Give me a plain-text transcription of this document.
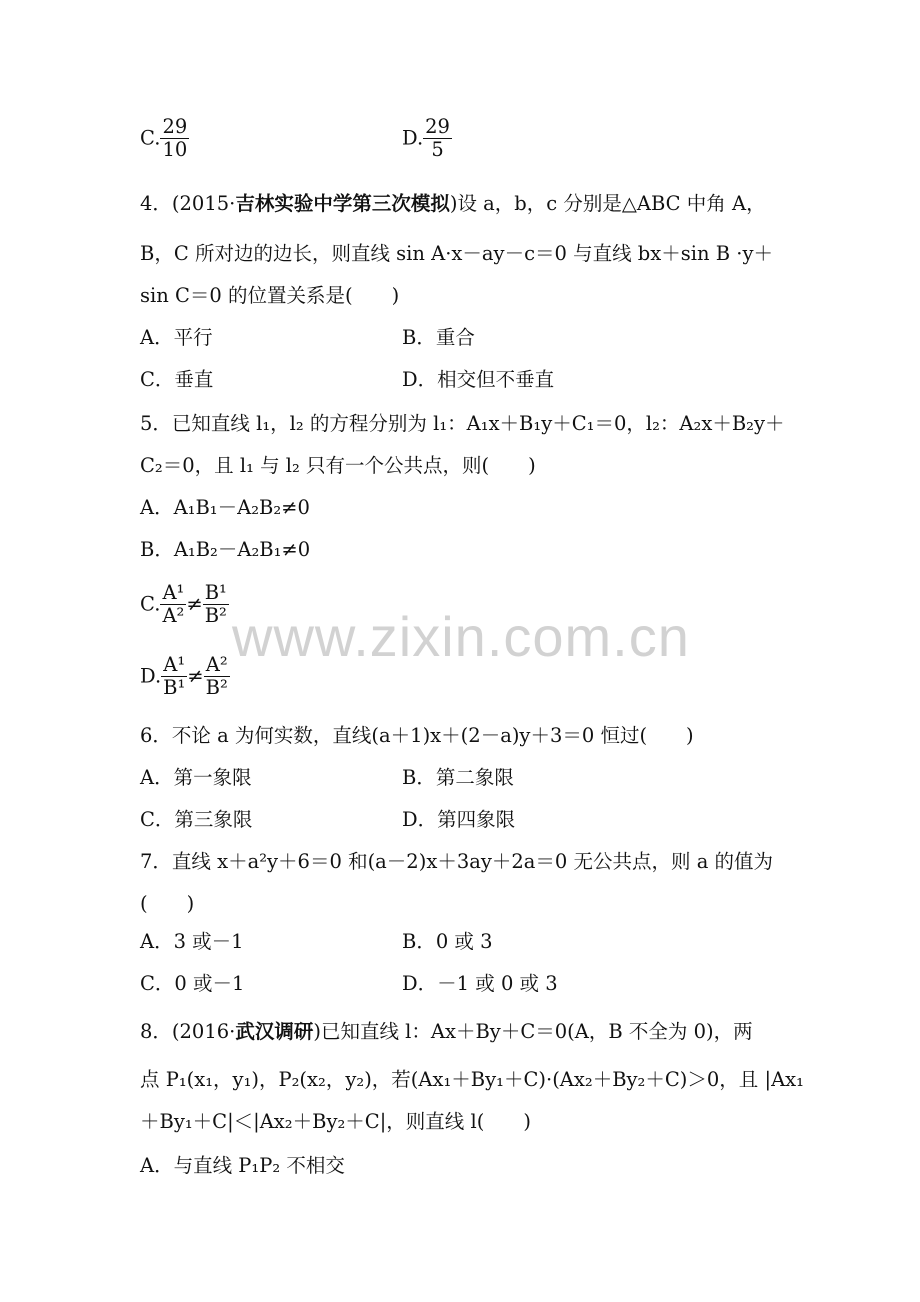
www.zixin.com.cn
C. $\frac{29}{10}$	D. $\frac{29}{5}$
4．(2015·吉林实验中学第三次模拟)设 a，b，c 分别是△ABC 中角 A，
B，C 所对边的边长，则直线 sin A·x－ay－c＝0 与直线 bx＋sin B ·y＋
sin C＝0 的位置关系是(　　)
A．平行	B．重合
C．垂直	D．相交但不垂直
5．已知直线 l₁，l₂ 的方程分别为 l₁：A₁x＋B₁y＋C₁＝0，l₂：A₂x＋B₂y＋
C₂＝0，且 l₁ 与 l₂ 只有一个公共点，则(　　)
A．A₁B₁－A₂B₂≠0
B．A₁B₂－A₂B₁≠0
C. $\frac{\text{A¹}}{\text{A²}} \ne \frac{\text{B¹}}{\text{B²}}$
D. $\frac{\text{A¹}}{\text{B¹}} \ne \frac{\text{A²}}{\text{B²}}$
6．不论 a 为何实数，直线(a＋1)x＋(2－a)y＋3＝0 恒过(　　)
A．第一象限	B．第二象限
C．第三象限	D．第四象限
7．直线 x＋a²y＋6＝0 和(a－2)x＋3ay＋2a＝0 无公共点，则 a 的值为
(　　)
A．3 或－1	B．0 或 3
C．0 或－1	D．－1 或 0 或 3
8．(2016·武汉调研)已知直线 l：Ax＋By＋C＝0(A，B 不全为 0)，两
点 P₁(x₁，y₁)，P₂(x₂，y₂)，若(Ax₁＋By₁＋C)·(Ax₂＋By₂＋C)＞0，且 |Ax₁
＋By₁＋C|＜|Ax₂＋By₂＋C|，则直线 l(　　)
A．与直线 P₁P₂ 不相交
